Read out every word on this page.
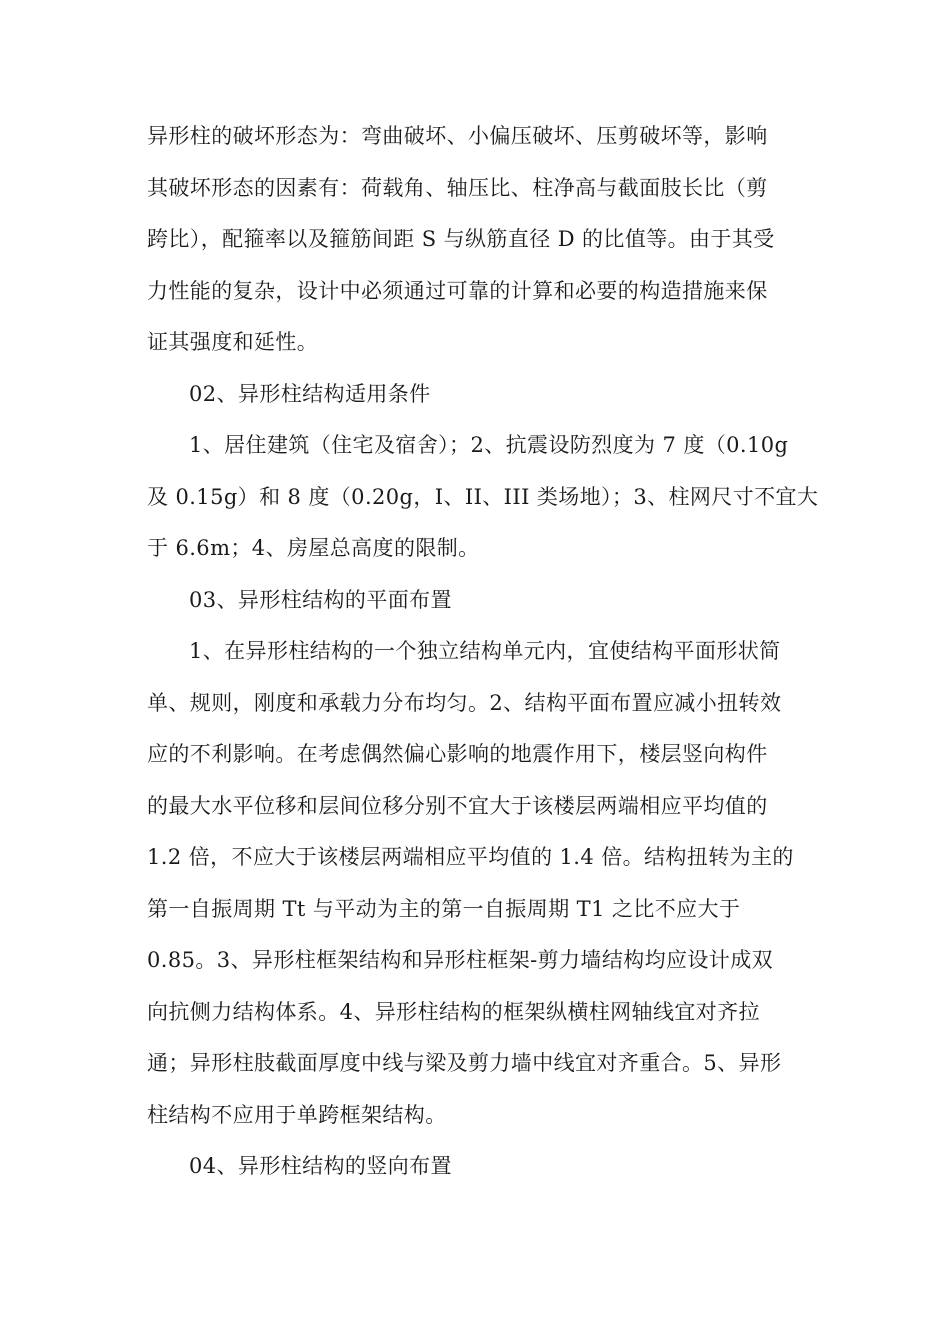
异形柱的破坏形态为：弯曲破坏、小偏压破坏、压剪破坏等，影响
其破坏形态的因素有：荷载角、轴压比、柱净高与截面肢长比（剪
跨比），配箍率以及箍筋间距 S 与纵筋直径 D 的比值等。由于其受
力性能的复杂，设计中必须通过可靠的计算和必要的构造措施来保
证其强度和延性。
02、异形柱结构适用条件
1、居住建筑（住宅及宿舍）；2、抗震设防烈度为 7 度（0.10g
及 0.15g）和 8 度（0.20g，I、II、III 类场地）；3、柱网尺寸不宜大
于 6.6m；4、房屋总高度的限制。
03、异形柱结构的平面布置
1、在异形柱结构的一个独立结构单元内，宜使结构平面形状简
单、规则，刚度和承载力分布均匀。2、结构平面布置应减小扭转效
应的不利影响。在考虑偶然偏心影响的地震作用下，楼层竖向构件
的最大水平位移和层间位移分别不宜大于该楼层两端相应平均值的
1.2 倍，不应大于该楼层两端相应平均值的 1.4 倍。结构扭转为主的
第一自振周期 Tt 与平动为主的第一自振周期 T1 之比不应大于
0.85。3、异形柱框架结构和异形柱框架-剪力墙结构均应设计成双
向抗侧力结构体系。4、异形柱结构的框架纵横柱网轴线宜对齐拉
通；异形柱肢截面厚度中线与梁及剪力墙中线宜对齐重合。5、异形
柱结构不应用于单跨框架结构。
04、异形柱结构的竖向布置
